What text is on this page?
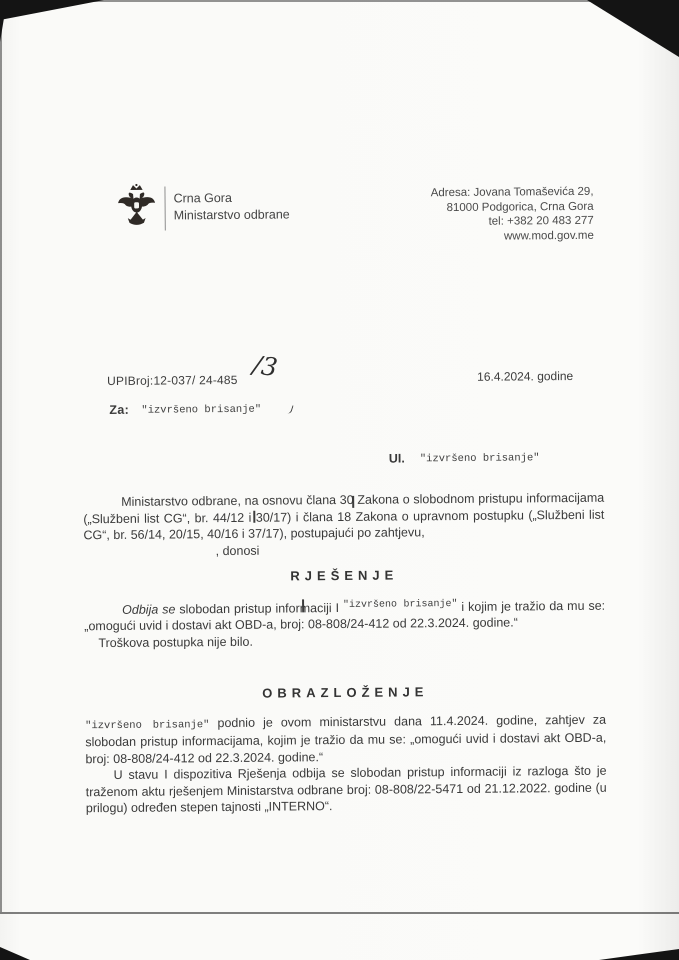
Crna Gora
Ministarstvo odbrane
Adresa: Jovana Tomaševića 29,
81000 Podgorica, Crna Gora
tel: +382 20 483 277
www.mod.gov.me
UPIBroj:12-037/ 24-485 /3	16.4.2024. godine
Za: "izvršeno brisanje"
UI. "izvršeno brisanje"

Ministarstvo odbrane, na osnovu člana 30 Zakona o slobodnom pristupu informacijama („Službeni list CG“, br. 44/12 i 30/17) i člana 18 Zakona o upravnom postupku („Službeni list CG“, br. 56/14, 20/15, 40/16 i 37/17), postupajući po zahtjevu,

, donosi
RJEŠENJE

Odbija se slobodan pristup informaciji I $^{"izvršeno brisanje"}$ i kojim je tražio da mu se: „omogući uvid i dostavi akt OBD-a, broj: 08-808/24-412 od 22.3.2024. godine.“

Troškova postupka nije bilo.

OBRAZLOŽENJE

"izvršeno brisanje" podnio je ovom ministarstvu dana 11.4.2024. godine, zahtjev za slobodan pristup informacijama, kojim je tražio da mu se: „omogući uvid i dostavi akt OBD-a, broj: 08-808/24-412 od 22.3.2024. godine.“

U stavu I dispozitiva Rješenja odbija se slobodan pristup informaciji iz razloga što je traženom aktu rješenjem Ministarstva odbrane broj: 08-808/22-5471 od 21.12.2022. godine (u prilogu) određen stepen tajnosti „INTERNO“.
